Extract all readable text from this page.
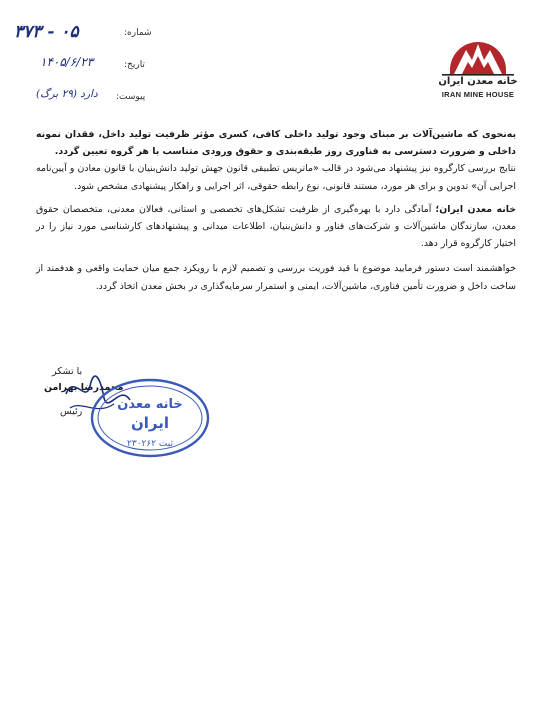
شماره:
۰۵ - ۳۷۳
تاریخ:
۱۴۰۵/۶/۲۳
پیوست:
دارد (۲۹ برگ)
خانه معدن ایران
IRAN MINE HOUSE

به‌نحوی که ماشین‌آلات بر مبنای وجود تولید داخلی کافی، کسری مؤثر ظرفیت تولید داخل، فقدان نمونه داخلی و ضرورت دسترسی به فناوری روز طبقه‌بندی و حقوق ورودی متناسب با هر گروه تعیین گردد.

نتایج بررسی کارگروه نیز پیشنهاد می‌شود در قالب «ماتریس تطبیقی قانون جهش تولید دانش‌بنیان با قانون معادن و آیین‌نامه اجرایی آن» تدوین و برای هر مورد، مستند قانونی، نوع رابطه حقوقی، اثر اجرایی و راهکار پیشنهادی مشخص شود.

خانه معدن ایران؛ آمادگی دارد با بهره‌گیری از ظرفیت تشکل‌های تخصصی و استانی، فعالان معدنی، متخصصان حقوق معدن، سازندگان ماشین‌آلات و شرکت‌های فناور و دانش‌بنیان، اطلاعات میدانی و پیشنهادهای کارشناسی مورد نیاز را در اختیار کارگروه قرار دهد.

خواهشمند است دستور فرمایید موضوع با قید فوریت بررسی و تصمیم لازم با رویکرد جمع میان حمایت واقعی و هدفمند از ساخت داخل و ضرورت تأمین فناوری، ماشین‌آلات، ایمنی و استمرار سرمایه‌گذاری در بخش معدن اتخاذ گردد.

با تشکر
محمدرضا بهرامن
رئیس	خانه معدن
ایران
ثبت ۲۳۰۲۶۲
